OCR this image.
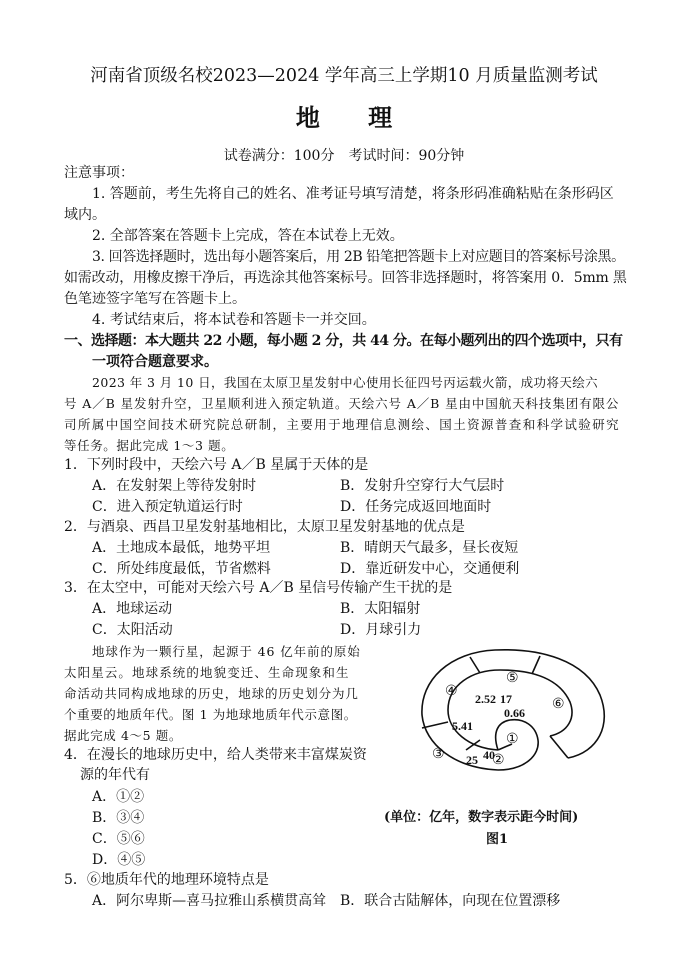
河南省顶级名校2023—2024 学年高三上学期10 月质量监测考试
地 理
试卷满分：100分　考试时间：90分钟
注意事项：
1. 答题前，考生先将自己的姓名、准考证号填写清楚，将条形码准确粘贴在条形码区
域内。
2. 全部答案在答题卡上完成，答在本试卷上无效。
3. 回答选择题时，选出每小题答案后，用 2B 铅笔把答题卡上对应题目的答案标号涂黑。
如需改动，用橡皮擦干净后，再选涂其他答案标号。回答非选择题时，将答案用 0．5mm 黑
色笔迹签字笔写在答题卡上。
4. 考试结束后，将本试卷和答题卡一并交回。
一、选择题：本大题共 22 小题，每小题 2 分，共 44 分。在每小题列出的四个选项中，只有
一项符合题意要求。
2023 年 3 月 10 日，我国在太原卫星发射中心使用长征四号丙运载火箭，成功将天绘六
号 A／B 星发射升空，卫星顺利进入预定轨道。天绘六号 A／B 星由中国航天科技集团有限公
司所属中国空间技术研究院总研制，主要用于地理信息测绘、国土资源普查和科学试验研究
等任务。据此完成 1～3 题。
1．下列时段中，天绘六号 A／B 星属于天体的是
A．在发射架上等待发射时	B．发射升空穿行大气层时
C．进入预定轨道运行时	D．任务完成返回地面时
2．与酒泉、西昌卫星发射基地相比，太原卫星发射基地的优点是
A．土地成本最低，地势平坦	B．晴朗天气最多，昼长夜短
C．所处纬度最低，节省燃料	D．靠近研发中心，交通便利
3．在太空中，可能对天绘六号 A／B 星信号传输产生干扰的是
A．地球运动	B．太阳辐射
C．太阳活动	D．月球引力
地球作为一颗行星，起源于 46 亿年前的原始
太阳星云。地球系统的地貌变迁、生命现象和生
命活动共同构成地球的历史，地球的历史划分为几
个重要的地质年代。图 1 为地球地质年代示意图。
据此完成 4～5 题。
4．在漫长的地球历史中，给人类带来丰富煤炭资
源的年代有
A．①②
B．③④
C．⑤⑥
D．④⑤
5．⑥地质年代的地理环境特点是
A．阿尔卑斯—喜马拉雅山系横贯高耸 B．联合古陆解体，向现在位置漂移
①
②
③
④
⑤
⑥
40
25
5.41
2.52 17
0.66
(单位：亿年，数字表示距今时间)
图1
